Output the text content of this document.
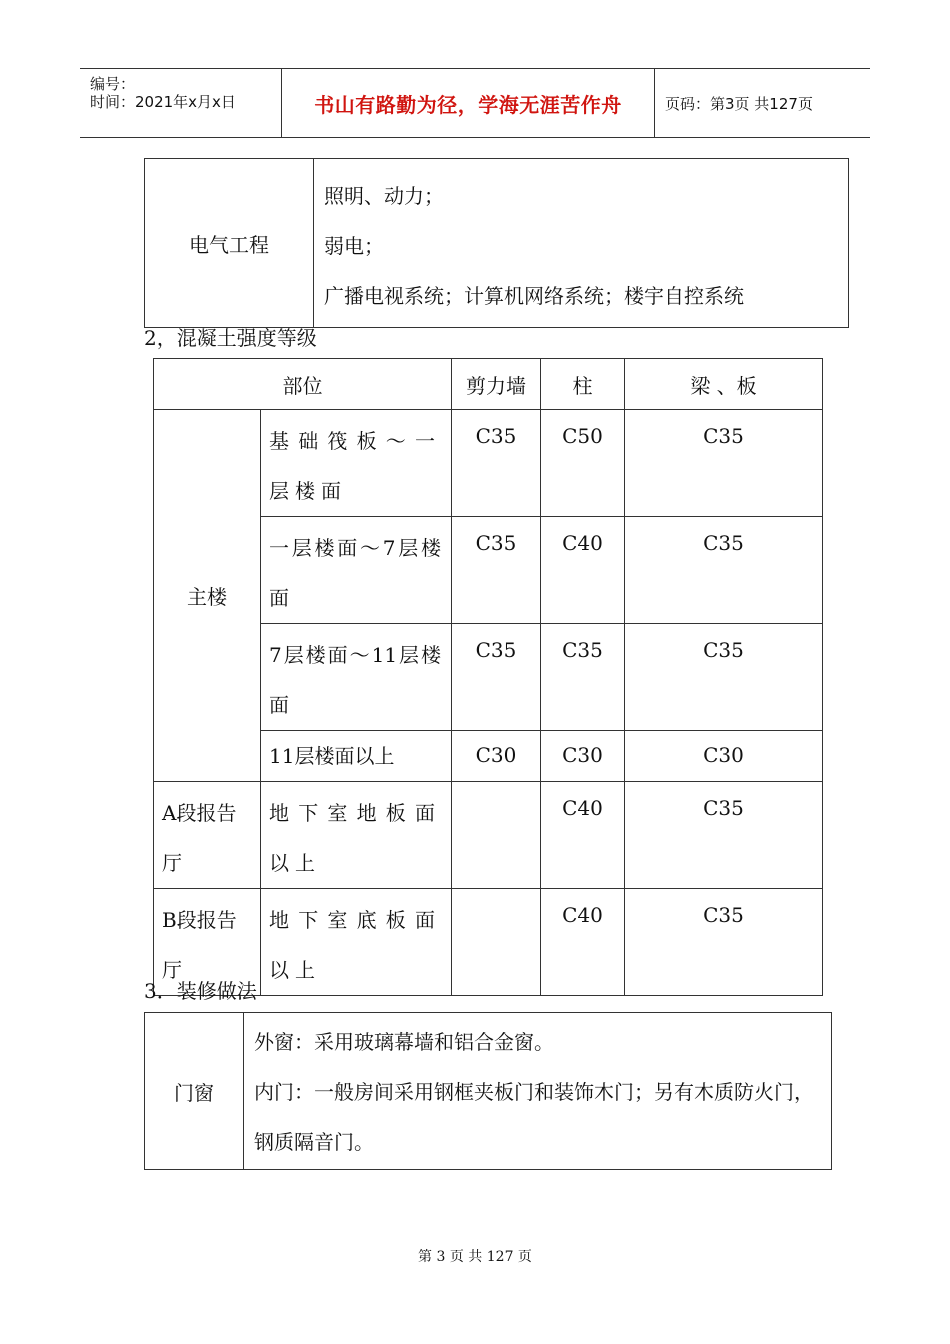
编号：
时间：2021年x月x日	书山有路勤为径，学海无涯苦作舟	页码：第3页 共127页
电气工程	
照明、动力；
弱电；
广播电视系统；计算机网络系统；楼宇自控系统
2，混凝土强度等级
部位		剪力墙	柱	梁 、板
主楼	基础筏板～一层楼面	C35	C50	C35
	一层楼面～7层楼面	C35	C40	C35
	7层楼面～11层楼面	C35	C35	C35
	11层楼面以上	C30	C30	C30
A段报告厅	地下室地板面以上		C40	C35
B段报告厅	地下室底板面以上		C40	C35
3．装修做法
门窗	
外窗：采用玻璃幕墙和铝合金窗。
内门：一般房间采用钢框夹板门和装饰木门；另有木质防火门，钢质隔音门。
第 3 页 共 127 页
